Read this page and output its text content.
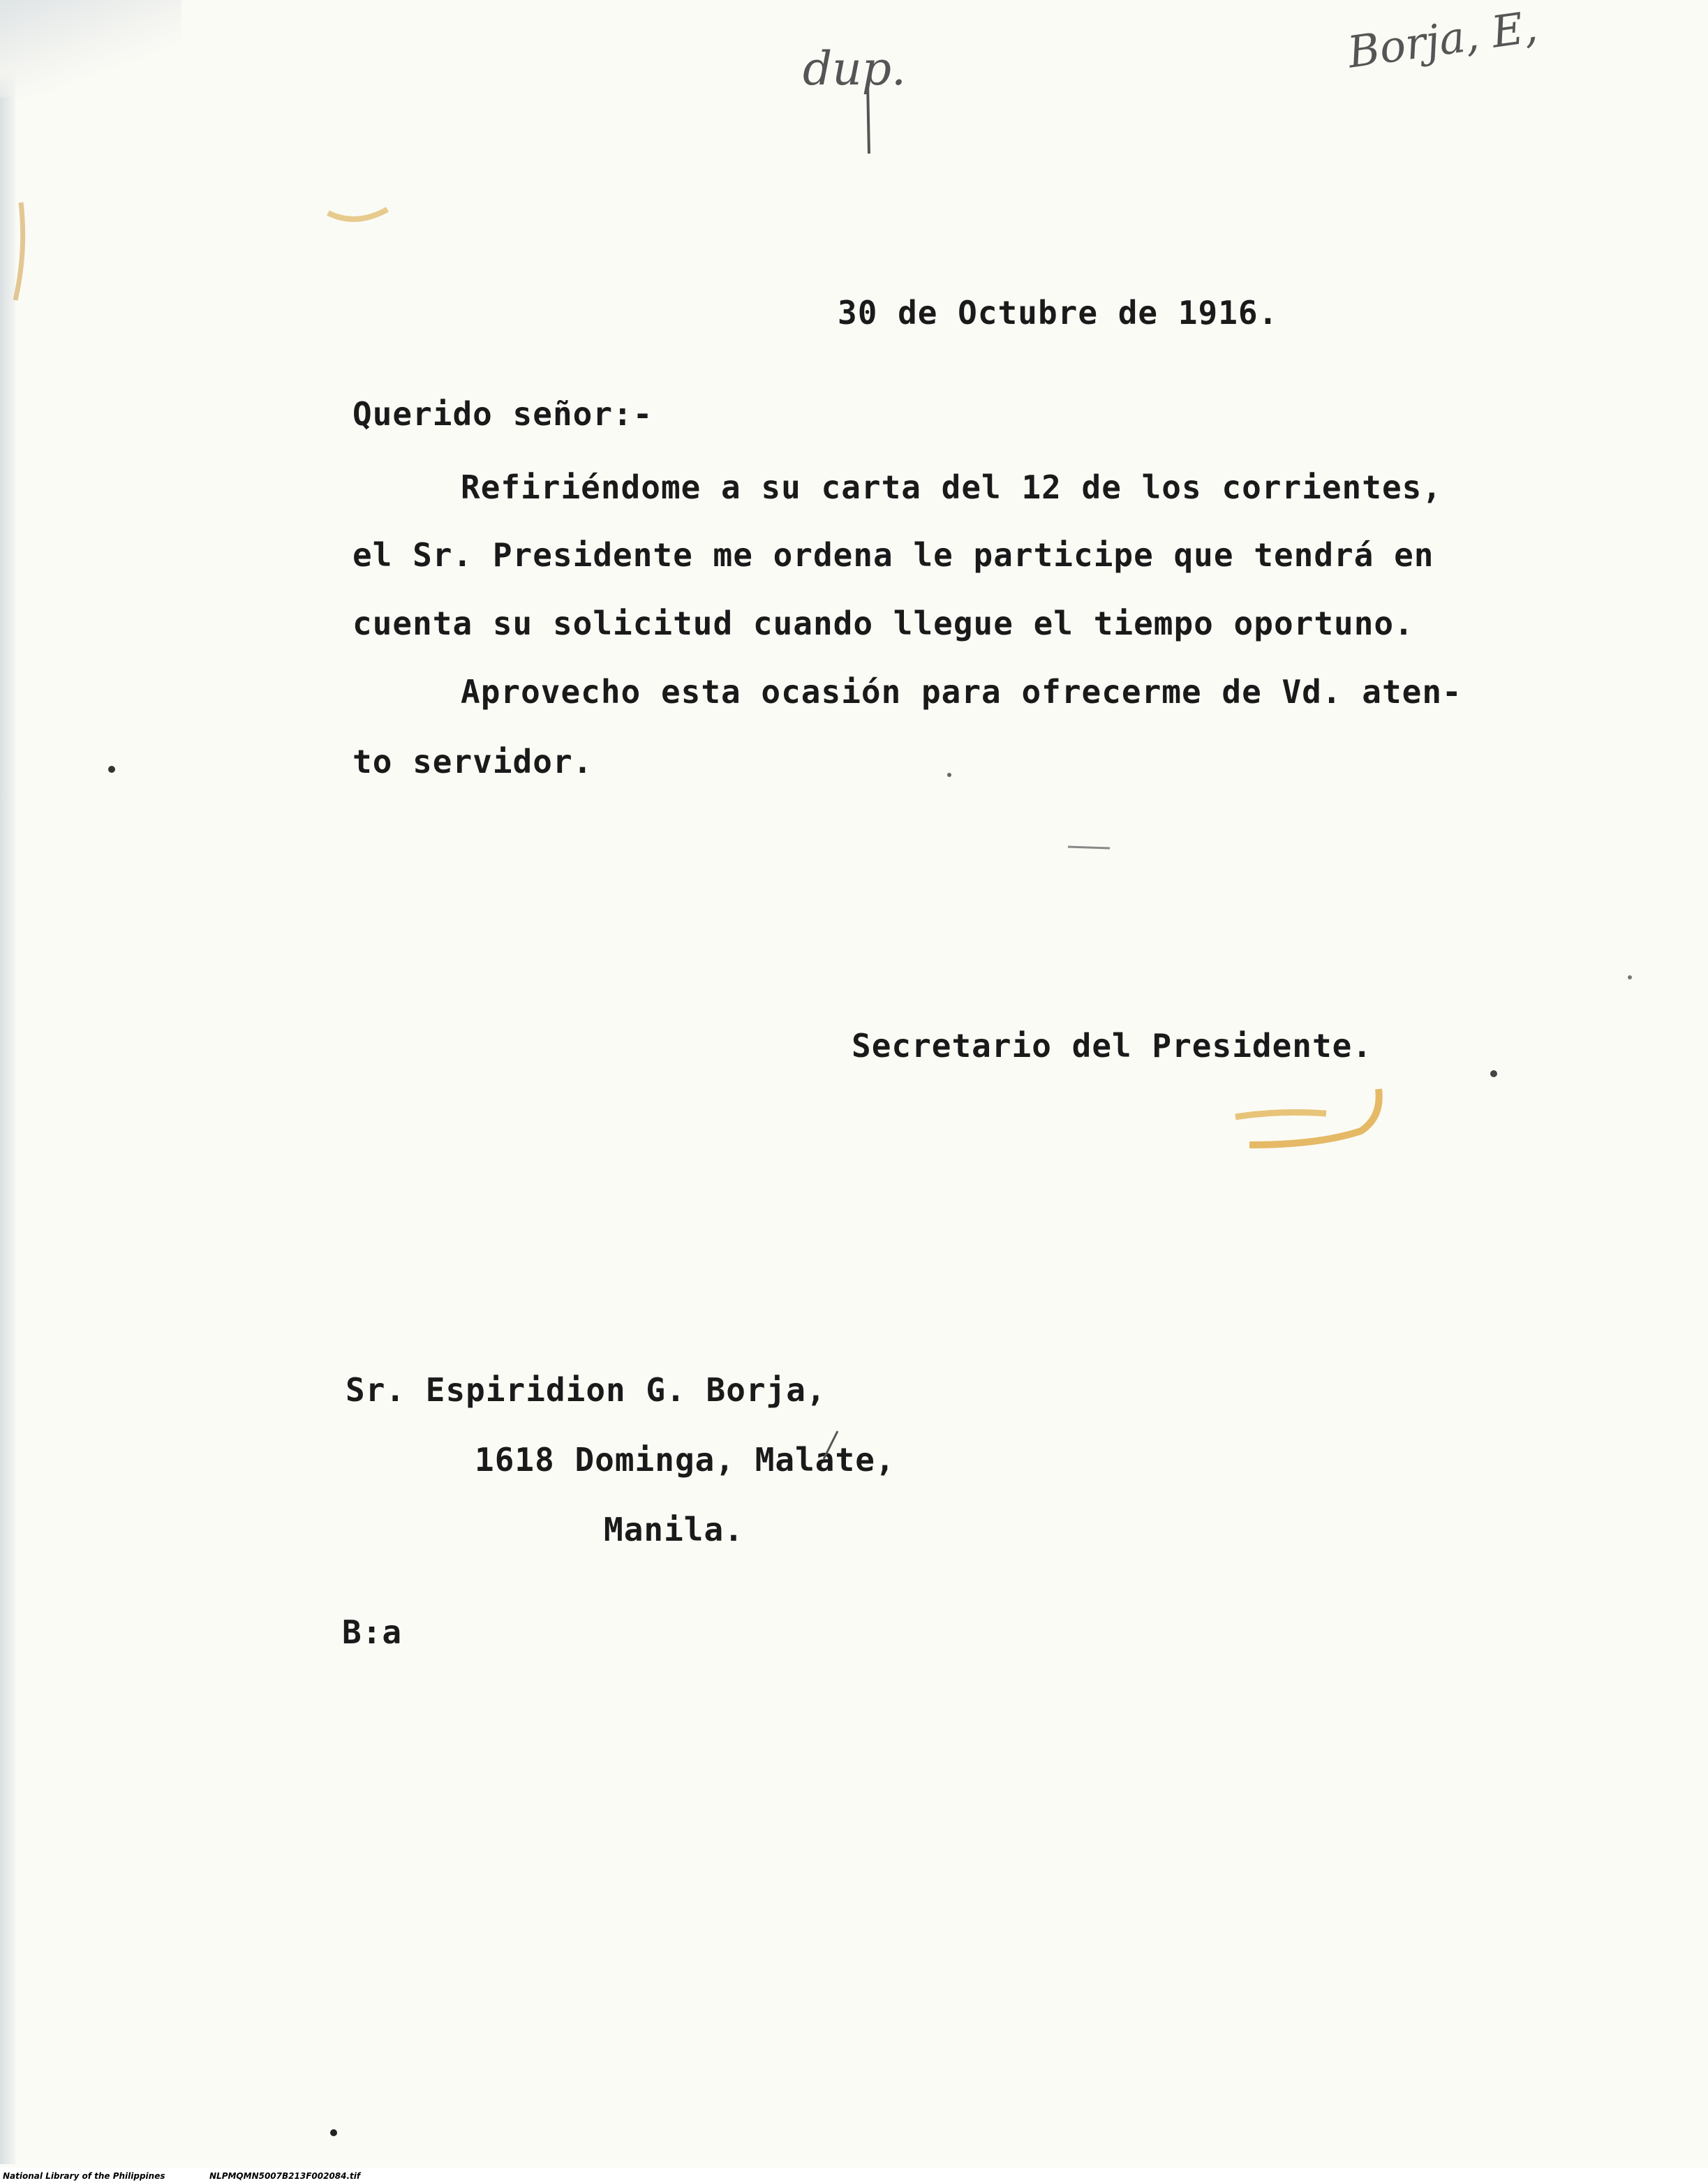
dup.	Borja, E,
30 de Octubre de 1916.
Querido señor:-
Refiriéndome a su carta del 12 de los corrientes,
el Sr. Presidente me ordena le participe que tendrá en
cuenta su solicitud cuando llegue el tiempo oportuno.
Aprovecho esta ocasión para ofrecerme de Vd. aten-
to servidor.
Secretario del Presidente.
Sr. Espiridion G. Borja,
1618 Dominga, Malate,
Manila.
B:a
National Library of the Philippines	NLPMQMN5007B213F002084.tif
